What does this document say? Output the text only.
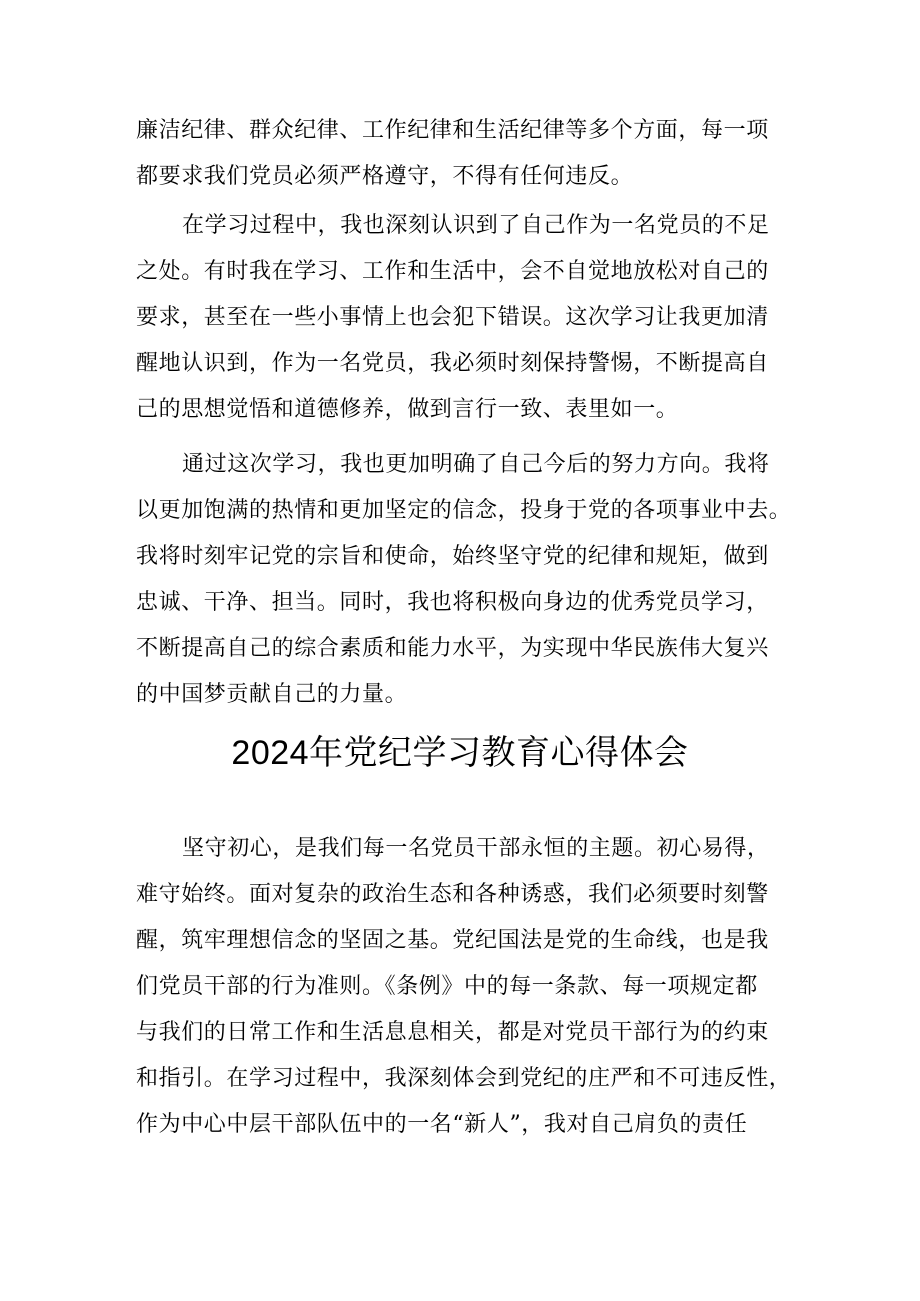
廉洁纪律、群众纪律、工作纪律和生活纪律等多个方面，每一项
都要求我们党员必须严格遵守，不得有任何违反。
在学习过程中，我也深刻认识到了自己作为一名党员的不足
之处。有时我在学习、工作和生活中，会不自觉地放松对自己的
要求，甚至在一些小事情上也会犯下错误。这次学习让我更加清
醒地认识到，作为一名党员，我必须时刻保持警惕，不断提高自
己的思想觉悟和道德修养，做到言行一致、表里如一。
通过这次学习，我也更加明确了自己今后的努力方向。我将
以更加饱满的热情和更加坚定的信念，投身于党的各项事业中去。
我将时刻牢记党的宗旨和使命，始终坚守党的纪律和规矩，做到
忠诚、干净、担当。同时，我也将积极向身边的优秀党员学习，
不断提高自己的综合素质和能力水平，为实现中华民族伟大复兴
的中国梦贡献自己的力量。
2024年党纪学习教育心得体会
坚守初心，是我们每一名党员干部永恒的主题。初心易得，
难守始终。面对复杂的政治生态和各种诱惑，我们必须要时刻警
醒，筑牢理想信念的坚固之基。党纪国法是党的生命线，也是我
们党员干部的行为准则。《条例》中的每一条款、每一项规定都
与我们的日常工作和生活息息相关，都是对党员干部行为的约束
和指引。在学习过程中，我深刻体会到党纪的庄严和不可违反性，
作为中心中层干部队伍中的一名“新人”，我对自己肩负的责任
